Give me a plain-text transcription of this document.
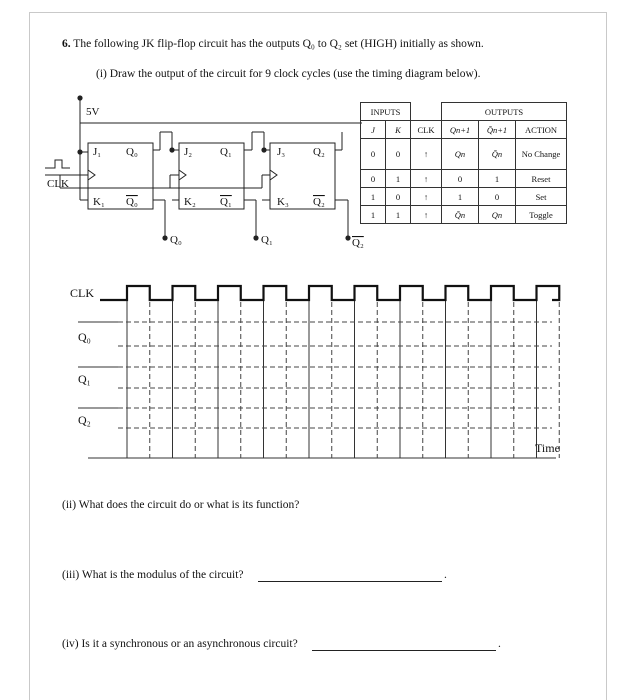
6. The following JK flip-flop circuit has the outputs Q₀ to Q₂ set (HIGH) initially as shown.
(i) Draw the output of the circuit for 9 clock cycles (use the timing diagram below).
5V
CLK
J₁
K₁
Q₀
Q₀
J₂
K₂
Q₁
Q₁
J₃
K₃
Q₂
Q₂
Q₀	Q₁	Q₂
CLK
Q₀
Q₁
Q₂
Time
INPUTS			OUTPUTS		
J	K	CLK	Qn+1	Q̄n+1	ACTION
0	0	↑	Qn	Q̄n	No Change
0	1	↑	0	1	Reset
1	0	↑	1	0	Set
1	1	↑	Q̄n	Qn	Toggle
(ii) What does the circuit do or what is its function?
(iii) What is the modulus of the circuit?	.
(iv) Is it a synchronous or an asynchronous circuit?	.
